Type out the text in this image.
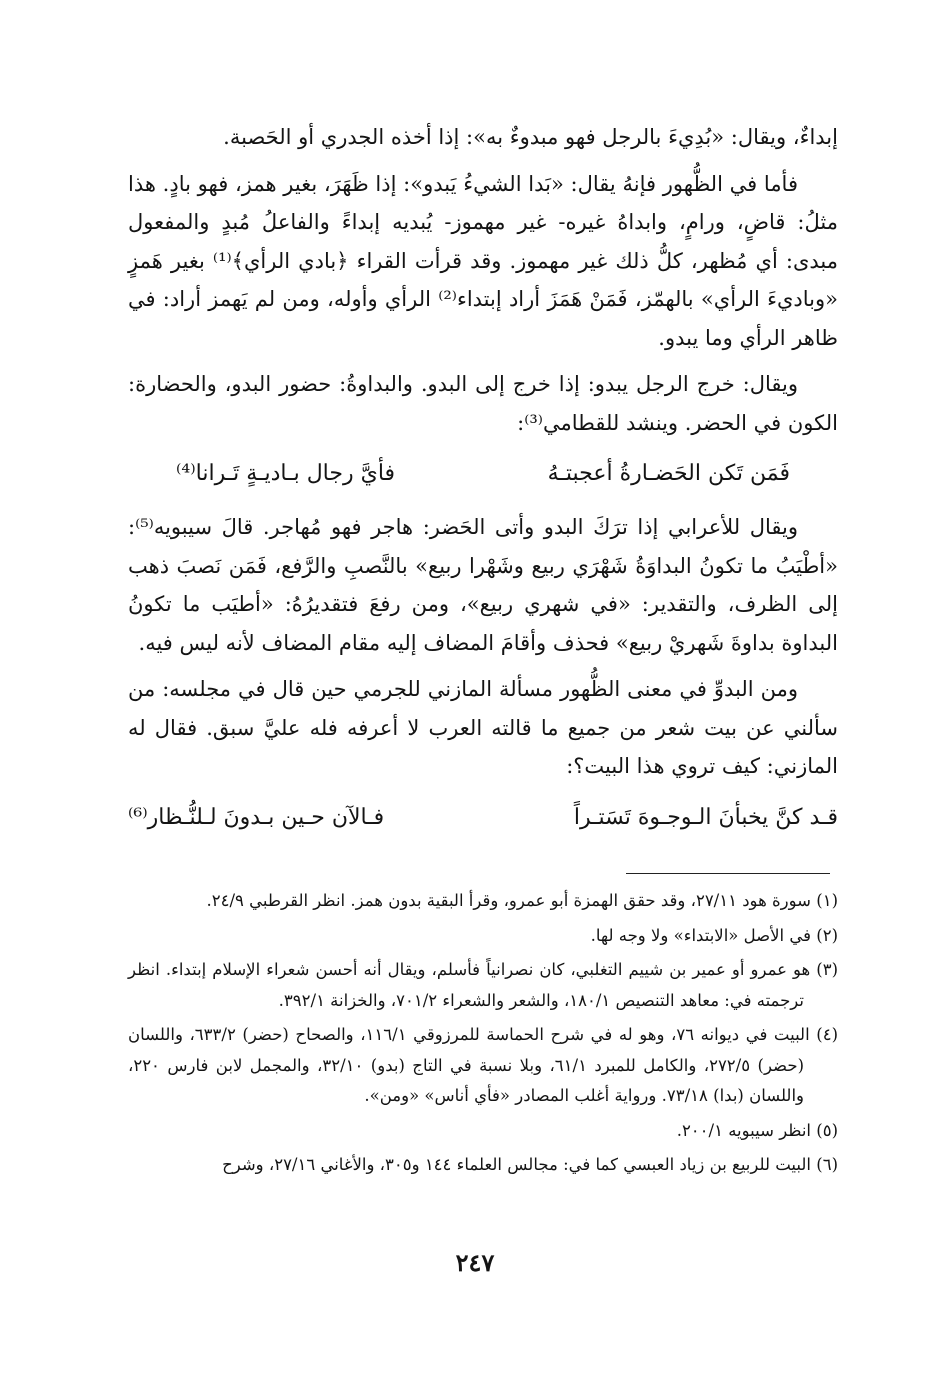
إبداءٌ، ويقال: «بُدِيءَ بالرجل فهو مبدوءٌ به»: إذا أخذه الجدري أو الحَصبة.

فأما في الظُّهور فإنهُ يقال: «بَدا الشيءُ يَبدو»: إذا ظَهَرَ، بغير همز، فهو بادٍ. هذا مثلُ: قاضٍ، ورامٍ، وابداهُ غيره- غير مهموز- يُبديه إبداءً والفاعلُ مُبدٍ والمفعول مبدى: أي مُظهر، كلُّ ذلك غير مهموز. وقد قرأت القراء ﴿بادي الرأي﴾⁽¹⁾ بغير هَمزٍ «وباديءَ الرأي» بالهمّز، فَمَنْ هَمَزَ أراد إبتداء⁽²⁾ الرأي وأوله، ومن لم يَهمز أراد: في ظاهر الرأي وما يبدو.

ويقال: خرج الرجل يبدو: إذا خرج إلى البدو. والبداوةُ: حضور البدو، والحضارة: الكون في الحضر. وينشد للقطامي⁽³⁾:

فَمَن تَكن الحَضـارةُ أعجبتـهُ
فأيَّ رجال بـاديـةٍ تَـرانا⁽⁴⁾

ويقال للأعرابي إذا ترَكَ البدو وأتى الحَضر: هاجر فهو مُهاجر. قالَ سيبويه⁽⁵⁾: «أطْيَبُ ما تكونُ البداوَةُ شَهْرَي ربيع وشَهْرا ربيع» بالنَّصبِ والرَّفع، فَمَن نَصبَ ذهب إلى الظرف، والتقدير: «في شهري ربيع»، ومن رفعَ فتقديرُهُ: «أطيَب ما تكونُ البداوة بداوةَ شَهريْ ربيع» فحذف وأقامَ المضاف إليه مقام المضاف لأنه ليس فيه.

ومن البدوِّ في معنى الظُّهور مسألة المازني للجرمي حين قال في مجلسه: من سألني عن بيت شعر من جميع ما قالته العرب لا أعرفه فله عليَّ سبق. فقال له المازني: كيف تروي هذا البيت؟:

قـد كنَّ يخبأنَ الـوجـوهَ تَسَتـراً
فـالآن حـين بـدونَ لـلنُّـظار⁽⁶⁾

(١) سورة هود ٢٧/١١، وقد حقق الهمزة أبو عمرو، وقرأ البقية بدون همز. انظر القرطبي ٢٤/٩.

(٢) في الأصل «الابتداء» ولا وجه لها.

(٣) هو عمرو أو عمير بن شييم التغلبي، كان نصرانياً فأسلم، ويقال أنه أحسن شعراء الإسلام إبتداء. انظر ترجمته في: معاهد التنصيص ١٨٠/١، والشعر والشعراء ٧٠١/٢، والخزانة ٣٩٢/١.

(٤) البيت في ديوانه ٧٦، وهو له في شرح الحماسة للمرزوقي ١١٦/١، والصحاح (حضر) ٦٣٣/٢، واللسان (حضر) ٢٧٢/٥، والكامل للمبرد ٦١/١، وبلا نسبة في التاج (بدو) ٣٢/١٠، والمجمل لابن فارس ٢٢٠، واللسان (بدا) ٧٣/١٨. ورواية أغلب المصادر «فأي أناس» «ومن».

(٥) انظر سيبويه ٢٠٠/١.

(٦) البيت للربيع بن زياد العبسي كما في: مجالس العلماء ١٤٤ و٣٠٥، والأغاني ٢٧/١٦، وشرح

٢٤٧
